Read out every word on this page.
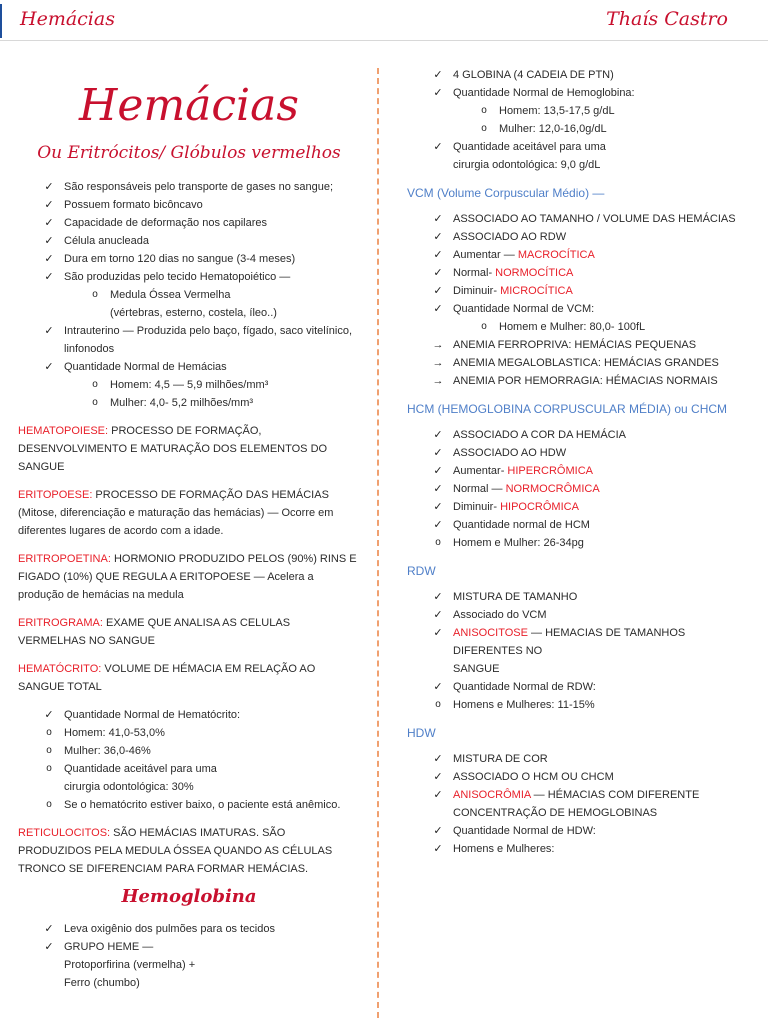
Hemácias	Thaís Castro
Hemácias
Ou Eritrócitos/ Glóbulos vermelhos
✓ São responsáveis pelo transporte de gases no sangue;
✓ Possuem formato bicôncavo
✓ Capacidade de deformação nos capilares
✓ Célula anucleada
✓ Dura em torno 120 dias no sangue (3-4 meses)
✓ São produzidas pelo tecido Hematopoiético —
o	Medula Óssea Vermelha
(vértebras, esterno, costela, íleo..)
✓ Intrauterino — Produzida pelo baço, fígado, saco vitelínico,
linfonodos
✓ Quantidade Normal de Hemácias
o	Homem: 4,5 — 5,9 milhões/mm³
o	Mulher: 4,0- 5,2 milhões/mm³
HEMATOPOIESE: PROCESSO DE FORMAÇÃO, DESENVOLVIMENTO E MATURAÇÃO DOS ELEMENTOS DO SANGUE
ERITOPOESE: PROCESSO DE FORMAÇÃO DAS HEMÁCIAS (Mitose, diferenciação e maturação das hemácias) — Ocorre em diferentes lugares de acordo com a idade.
ERITROPOETINA: HORMONIO PRODUZIDO PELOS (90%) RINS E FIGADO (10%) QUE REGULA A ERITOPOESE — Acelera a produção de hemácias na medula
ERITROGRAMA: EXAME QUE ANALISA AS CELULAS VERMELHAS NO SANGUE
HEMATÓCRITO: VOLUME DE HÉMACIA EM RELAÇÃO AO SANGUE TOTAL
✓ Quantidade Normal de Hematócrito:
o	Homem: 41,0-53,0%
o	Mulher: 36,0-46%
o	Quantidade aceitável para uma
cirurgia odontológica: 30%
o	Se o hematócrito estiver baixo, o paciente está anêmico.
RETICULOCITOS: SÃO HEMÁCIAS IMATURAS. SÃO PRODUZIDOS PELA MEDULA ÓSSEA QUANDO AS CÉLULAS TRONCO SE DIFERENCIAM PARA FORMAR HEMÁCIAS.
Hemoglobina
✓ Leva oxigênio dos pulmões para os tecidos
✓ GRUPO HEME —
Protoporfirina (vermelha) +
Ferro (chumbo)
✓ 4 GLOBINA (4 CADEIA DE PTN)
✓ Quantidade Normal de Hemoglobina:
o	Homem: 13,5-17,5 g/dL
o	Mulher: 12,0-16,0g/dL
✓ Quantidade aceitável para uma
cirurgia odontológica: 9,0 g/dL
VCM (Volume Corpuscular Médio) —
✓ ASSOCIADO AO TAMANHO / VOLUME DAS HEMÁCIAS
✓ ASSOCIADO AO RDW
✓ Aumentar — MACROCÍTICA
✓ Normal- NORMOCÍTICA
✓ Diminuir- MICROCÍTICA
✓ Quantidade Normal de VCM:
o	Homem e Mulher: 80,0- 100fL
→ ANEMIA FERROPRIVA: HEMÁCIAS PEQUENAS
→ ANEMIA MEGALOBLASTICA: HEMÁCIAS GRANDES
→ ANEMIA POR HEMORRAGIA: HÉMACIAS NORMAIS
HCM (HEMOGLOBINA CORPUSCULAR MÉDIA) ou CHCM
✓ ASSOCIADO A COR DA HEMÁCIA
✓ ASSOCIADO AO HDW
✓ Aumentar- HIPERCRÔMICA
✓ Normal — NORMOCRÔMICA
✓ Diminuir- HIPOCRÔMICA
✓ Quantidade normal de HCM
o	Homem e Mulher: 26-34pg
RDW
✓ MISTURA DE TAMANHO
✓ Associado do VCM
✓ ANISOCITOSE — HEMACIAS DE TAMANHOS DIFERENTES NO
SANGUE
✓ Quantidade Normal de RDW:
o	Homens e Mulheres: 11-15%
HDW
✓ MISTURA DE COR
✓ ASSOCIADO O HCM OU CHCM
✓ ANISOCRÔMIA — HÉMACIAS COM DIFERENTE
CONCENTRAÇÃO DE HEMOGLOBINAS
✓ Quantidade Normal de HDW:
✓ Homens e Mulheres:
